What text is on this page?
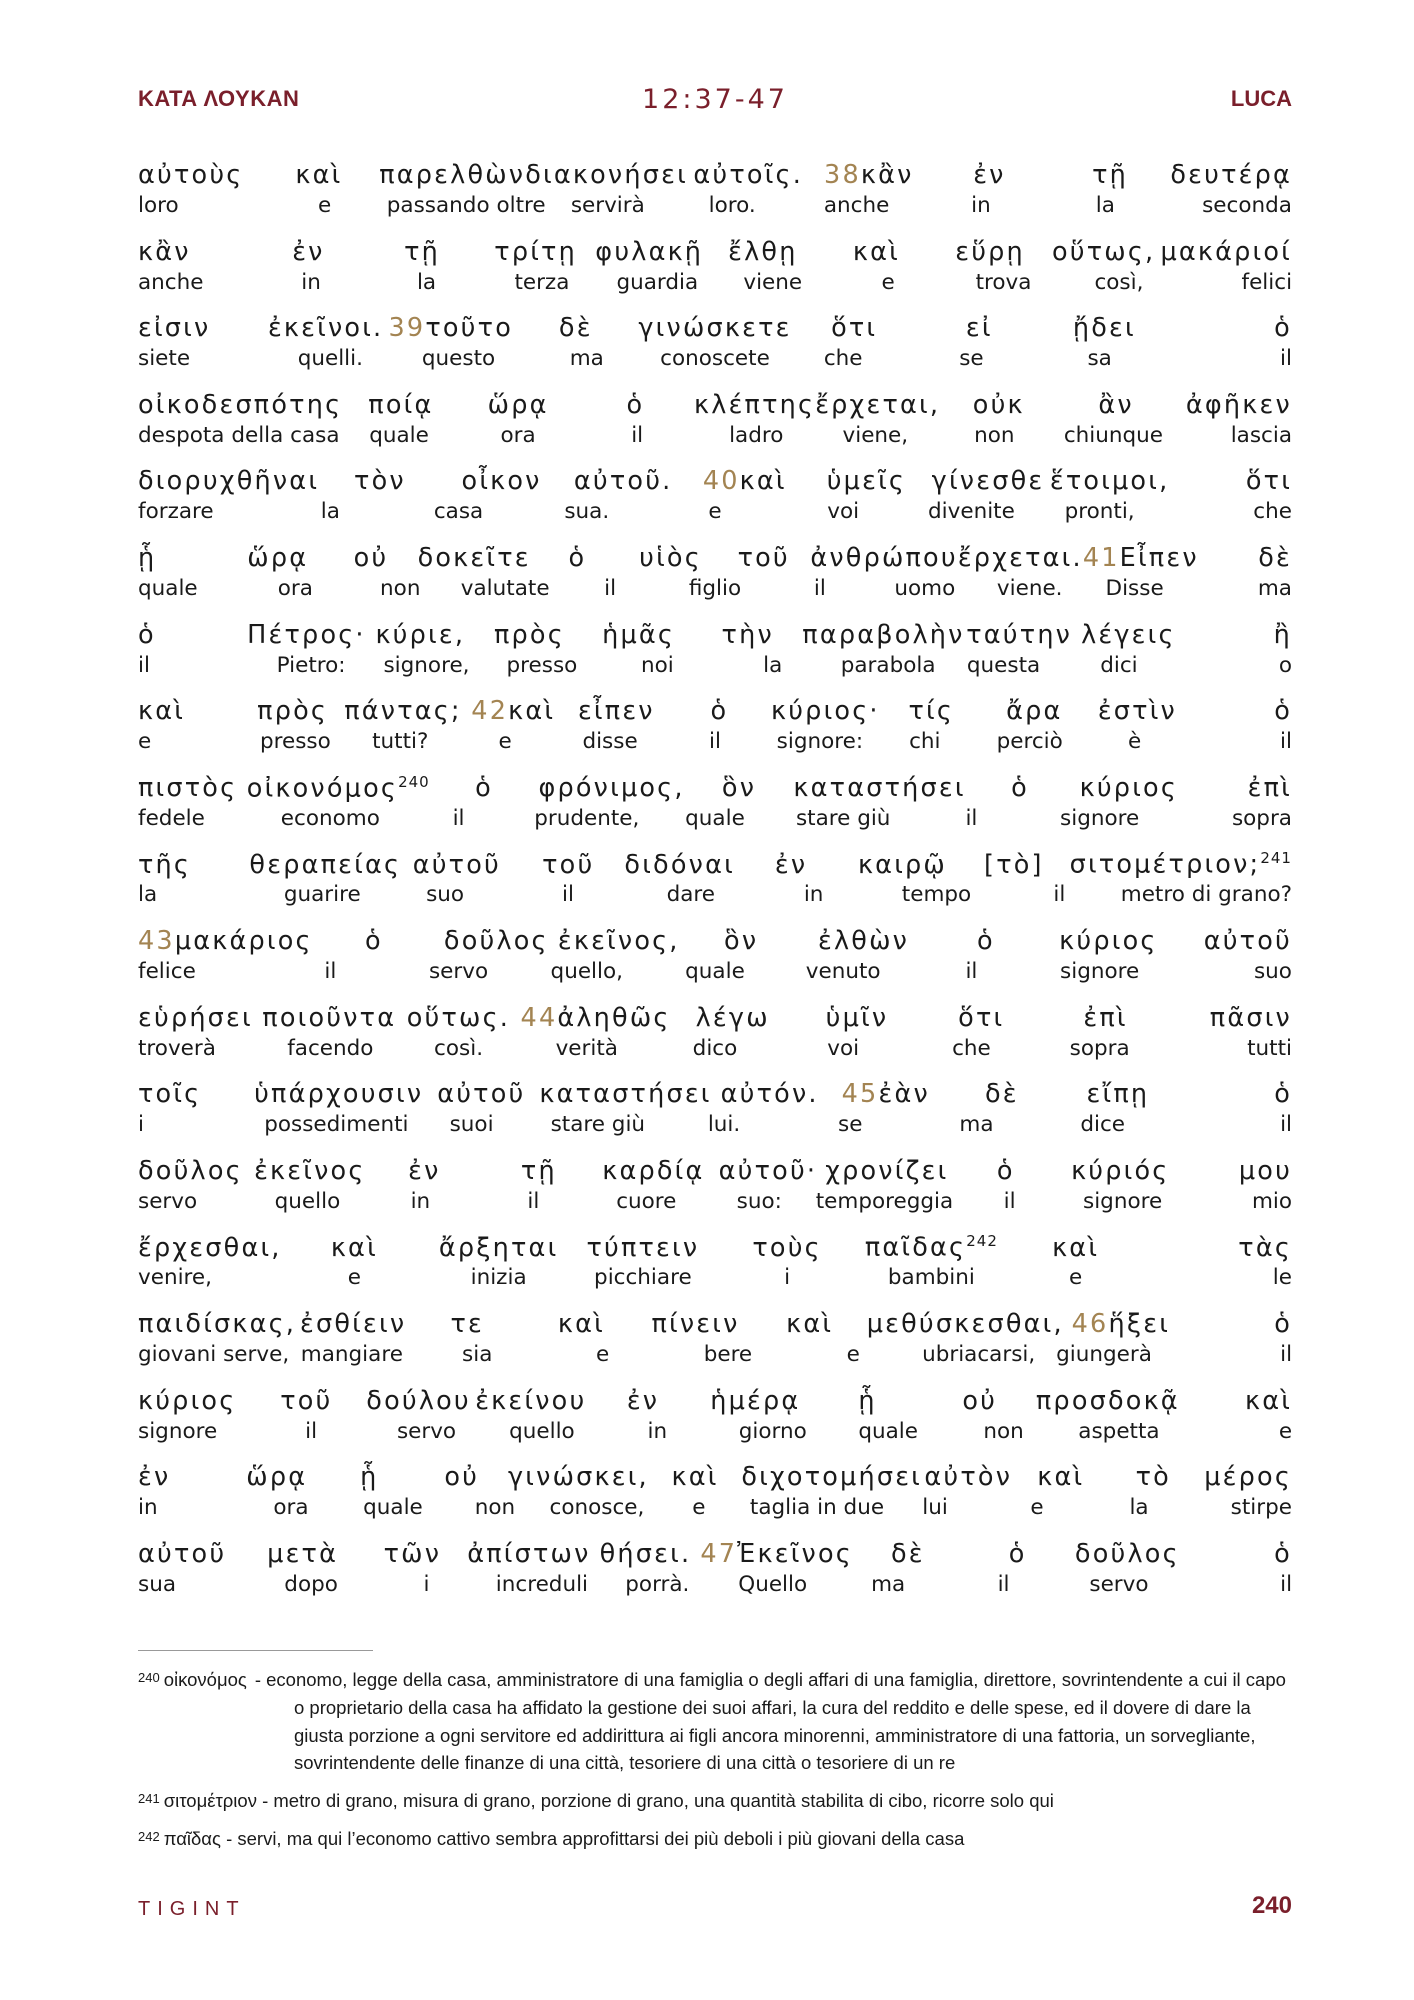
ΚΑΤΑ ΛΟΥΚΑΝ	12:37-47	LUCA
αὐτοὺς	καὶ	παρελθὼν διακονήσει αὐτοῖς. 38κἂν	ἐν	τῇ	δευτέρᾳ
loro	e	passando oltre	servirà	loro.	anche	in	la	seconda
κἂν	ἐν	τῇ	τρίτῃ φυλακῇ ἔλθῃ	καὶ	εὕρῃ	οὕτως, μακάριοί
anche	in	la	terza	guardia	viene	e	trova	così,	felici
εἰσιν	ἐκεῖνοι. 39τοῦτο	δὲ	γινώσκετε	ὅτι	εἰ	ᾔδει	ὁ
siete	quelli.	questo	ma	conoscete	che	se	sa	il
οἰκοδεσπότης	ποίᾳ	ὥρᾳ	ὁ	κλέπτης ἔρχεται,	οὐκ	ἂν	ἀφῆκεν
despota della casa	quale	ora	il	ladro	viene,	non	chiunque	lascia
διορυχθῆναι	τὸν	οἶκον	αὐτοῦ.	40καὶ	ὑμεῖς	γίνεσθε ἕτοιμοι,	ὅτι
forzare	la	casa	sua.	e	voi	divenite	pronti,	che
ᾗ	ὥρᾳ	οὐ	δοκεῖτε	ὁ	υἱὸς	τοῦ ἀνθρώπου ἔρχεται. 41Εἶπεν	δὲ
quale	ora	non	valutate	il	figlio	il	uomo	viene.	Disse	ma
ὁ	Πέτρος· κύριε,	πρὸς	ἡμᾶς	τὴν	παραβολὴν ταύτην λέγεις	ἢ
il	Pietro:	signore,	presso	noi	la	parabola	questa	dici	o
καὶ	πρὸς πάντας; 42καὶ εἶπεν	ὁ	κύριος·	τίς	ἄρα	ἐστὶν	ὁ
e	presso	tutti?	e	disse	il	signore:	chi	perciò	è	il
πιστὸς οἰκονόμος$^{240}$	ὁ	φρόνιμος,	ὃν	καταστήσει	ὁ	κύριος	ἐπὶ
fedele	economo	il	prudente,	quale	stare giù	il	signore	sopra
τῆς	θεραπείας αὐτοῦ	τοῦ	διδόναι	ἐν	καιρῷ	[τὸ]	σιτομέτριον;$^{241}$
la	guarire	suo	il	dare	in	tempo	il	metro di grano?
43μακάριος	ὁ	δοῦλος ἐκεῖνος,	ὃν	ἐλθὼν	ὁ	κύριος	αὐτοῦ
felice	il	servo	quello,	quale	venuto	il	signore	suo
εὑρήσει ποιοῦντα οὕτως. 44ἀληθῶς λέγω	ὑμῖν	ὅτι	ἐπὶ	πᾶσιν
troverà	facendo	così.	verità	dico	voi	che	sopra	tutti
τοῖς	ὑπάρχουσιν αὐτοῦ καταστήσει αὐτόν. 45ἐὰν	δὲ	εἴπῃ	ὁ
i	possedimenti	suoi	stare giù	lui.	se	ma	dice	il
δοῦλος ἐκεῖνος	ἐν	τῇ	καρδίᾳ αὐτοῦ· χρονίζει	ὁ	κύριός	μου
servo	quello	in	il	cuore	suo:	temporeggia	il	signore	mio
ἔρχεσθαι,	καὶ	ἄρξηται	τύπτειν	τοὺς	παῖδας$^{242}$	καὶ	τὰς
venire,	e	inizia	picchiare	i	bambini	e	le
παιδίσκας, ἐσθίειν	τε	καὶ	πίνειν	καὶ	μεθύσκεσθαι, 46ἥξει	ὁ
giovani serve, mangiare	sia	e	bere	e	ubriacarsi, giungerà	il
κύριος	τοῦ	δούλου ἐκείνου	ἐν	ἡμέρᾳ	ᾗ	οὐ	προσδοκᾷ	καὶ
signore	il	servo	quello	in	giorno	quale	non	aspetta	e
ἐν	ὥρᾳ	ᾗ	οὐ	γινώσκει, καὶ διχοτομήσει αὐτὸν καὶ	τὸ	μέρος
in	ora	quale	non	conosce,	e	taglia in due	lui	e	la	stirpe
αὐτοῦ	μετὰ	τῶν	ἀπίστων θήσει. 47Ἐκεῖνος	δὲ	ὁ	δοῦλος	ὁ
sua	dopo	i	increduli	porrà.	Quello	ma	il	servo	il
$^{240}$ οἰκονόμος - economo, legge della casa, amministratore di una famiglia o degli affari di una famiglia, direttore, sovrintendente a cui il capo o proprietario della casa ha affidato la gestione dei suoi affari, la cura del reddito e delle spese, ed il dovere di dare la giusta porzione a ogni servitore ed addirittura ai figli ancora minorenni, amministratore di una fattoria, un sorvegliante, sovrintendente delle finanze di una città, tesoriere di una città o tesoriere di un re
$^{241}$ σιτομέτριον - metro di grano, misura di grano, porzione di grano, una quantità stabilita di cibo, ricorre solo qui
$^{242}$ παῖδας - servi, ma qui l’economo cattivo sembra approfittarsi dei più deboli i più giovani della casa
TIGINT	240
